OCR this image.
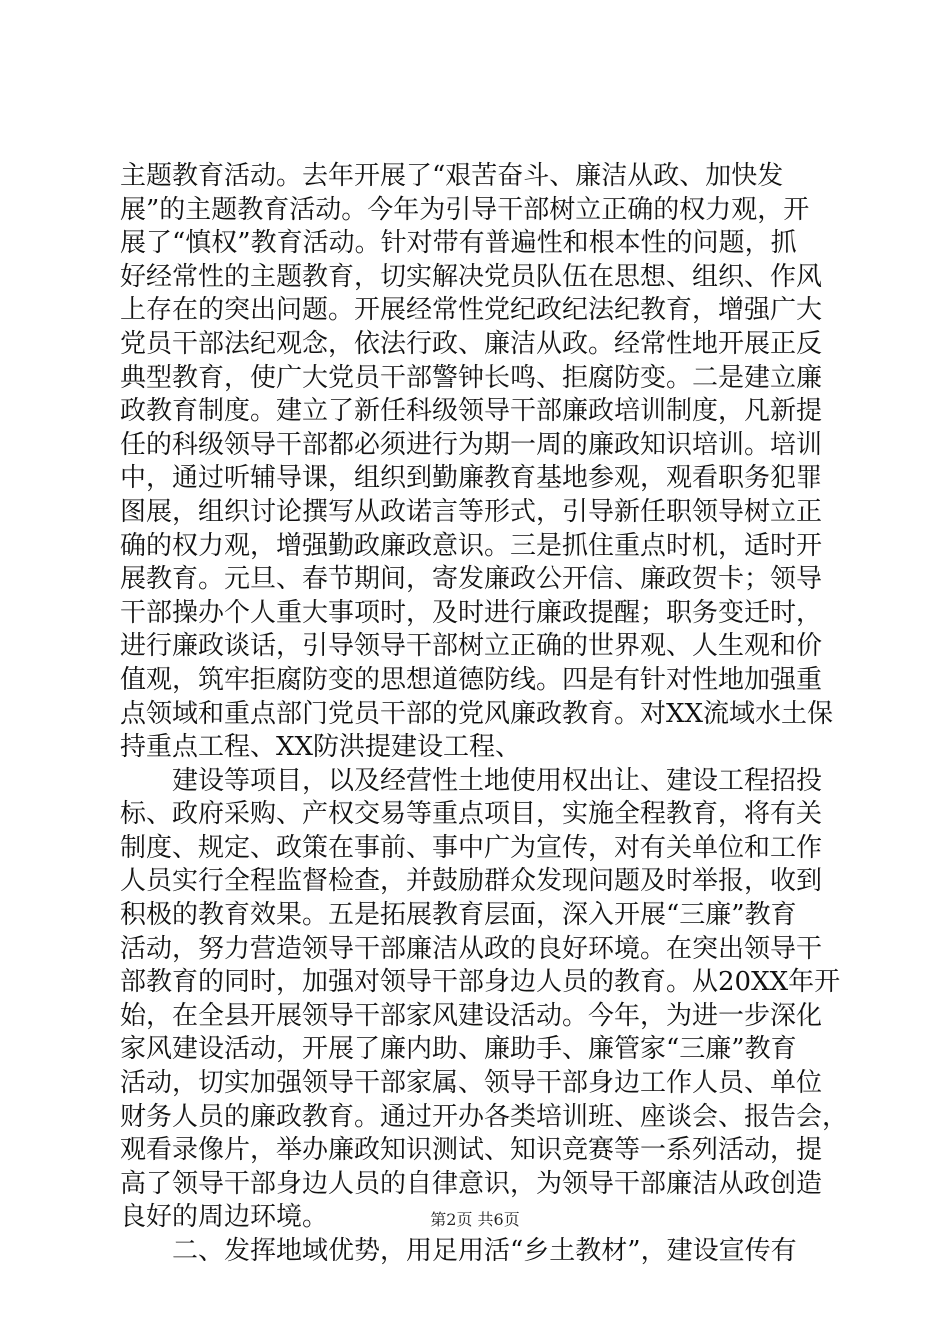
主题教育活动。去年开展了“艰苦奋斗、廉洁从政、加快发
展”的主题教育活动。今年为引导干部树立正确的权力观，开
展了“慎权”教育活动。针对带有普遍性和根本性的问题，抓
好经常性的主题教育，切实解决党员队伍在思想、组织、作风
上存在的突出问题。开展经常性党纪政纪法纪教育，增强广大
党员干部法纪观念，依法行政、廉洁从政。经常性地开展正反
典型教育，使广大党员干部警钟长鸣、拒腐防变。二是建立廉
政教育制度。建立了新任科级领导干部廉政培训制度，凡新提
任的科级领导干部都必须进行为期一周的廉政知识培训。培训
中，通过听辅导课，组织到勤廉教育基地参观，观看职务犯罪
图展，组织讨论撰写从政诺言等形式，引导新任职领导树立正
确的权力观，增强勤政廉政意识。三是抓住重点时机，适时开
展教育。元旦、春节期间，寄发廉政公开信、廉政贺卡；领导
干部操办个人重大事项时，及时进行廉政提醒；职务变迁时，
进行廉政谈话，引导领导干部树立正确的世界观、人生观和价
值观，筑牢拒腐防变的思想道德防线。四是有针对性地加强重
点领域和重点部门党员干部的党风廉政教育。对XX流域水土保
持重点工程、XX防洪提建设工程、
建设等项目，以及经营性土地使用权出让、建设工程招投
标、政府采购、产权交易等重点项目，实施全程教育，将有关
制度、规定、政策在事前、事中广为宣传，对有关单位和工作
人员实行全程监督检查，并鼓励群众发现问题及时举报，收到
积极的教育效果。五是拓展教育层面，深入开展“三廉”教育
活动，努力营造领导干部廉洁从政的良好环境。在突出领导干
部教育的同时，加强对领导干部身边人员的教育。从20XX年开
始，在全县开展领导干部家风建设活动。今年，为进一步深化
家风建设活动，开展了廉内助、廉助手、廉管家“三廉”教育
活动，切实加强领导干部家属、领导干部身边工作人员、单位
财务人员的廉政教育。通过开办各类培训班、座谈会、报告会，
观看录像片，举办廉政知识测试、知识竞赛等一系列活动，提
高了领导干部身边人员的自律意识，为领导干部廉洁从政创造
良好的周边环境。
二、发挥地域优势，用足用活“乡土教材”，建设宣传有
第2页 共6页
